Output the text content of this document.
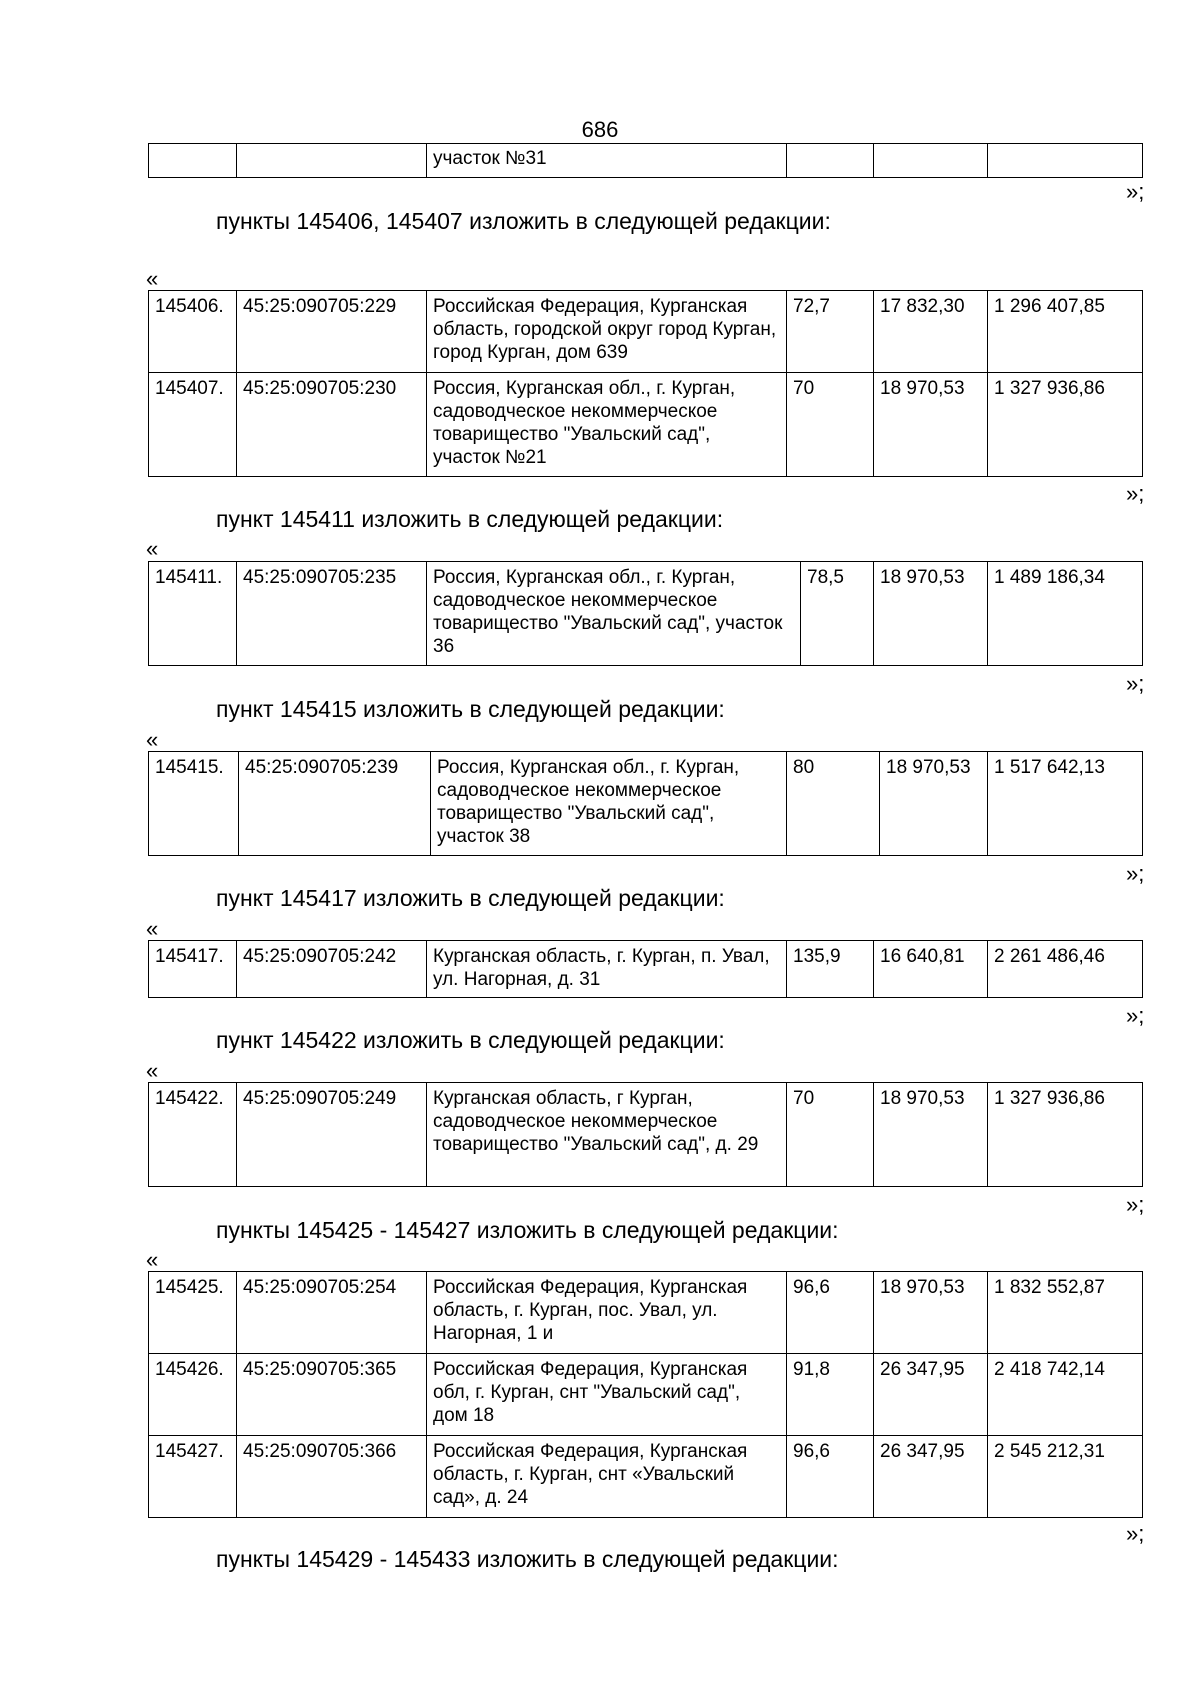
686
		участок №31			
»;
пункты 145406, 145407 изложить в следующей редакции:
«
145406.	45:25:090705:229	Российская Федерация, Курганская область, городской округ город Курган, город Курган, дом 639	72,7	17 832,30	1 296 407,85
145407.	45:25:090705:230	Россия, Курганская обл., г. Курган, садоводческое некоммерческое товарищество "Увальский сад", участок №21	70	18 970,53	1 327 936,86
»;
пункт 145411 изложить в следующей редакции:
«
145411.	45:25:090705:235	Россия, Курганская обл., г. Курган, садоводческое некоммерческое товарищество "Увальский сад", участок 36	78,5	18 970,53	1 489 186,34
»;
пункт 145415 изложить в следующей редакции:
«
145415.	45:25:090705:239	Россия, Курганская обл., г. Курган, садоводческое некоммерческое товарищество "Увальский сад", участок 38	80	18 970,53	1 517 642,13
»;
пункт 145417 изложить в следующей редакции:
«
145417.	45:25:090705:242	Курганская область, г. Курган, п. Увал, ул. Нагорная, д. 31	135,9	16 640,81	2 261 486,46
»;
пункт 145422 изложить в следующей редакции:
«
145422.	45:25:090705:249	Курганская область, г Курган, садоводческое некоммерческое товарищество "Увальский сад", д. 29	70	18 970,53	1 327 936,86
»;
пункты 145425 - 145427 изложить в следующей редакции:
«
145425.	45:25:090705:254	Российская Федерация, Курганская область, г. Курган, пос. Увал, ул. Нагорная, 1 и	96,6	18 970,53	1 832 552,87
145426.	45:25:090705:365	Российская Федерация, Курганская обл, г. Курган, снт "Увальский сад", дом 18	91,8	26 347,95	2 418 742,14
145427.	45:25:090705:366	Российская Федерация, Курганская область, г. Курган, снт «Увальский сад», д. 24	96,6	26 347,95	2 545 212,31
»;
пункты 145429 - 145433 изложить в следующей редакции:
